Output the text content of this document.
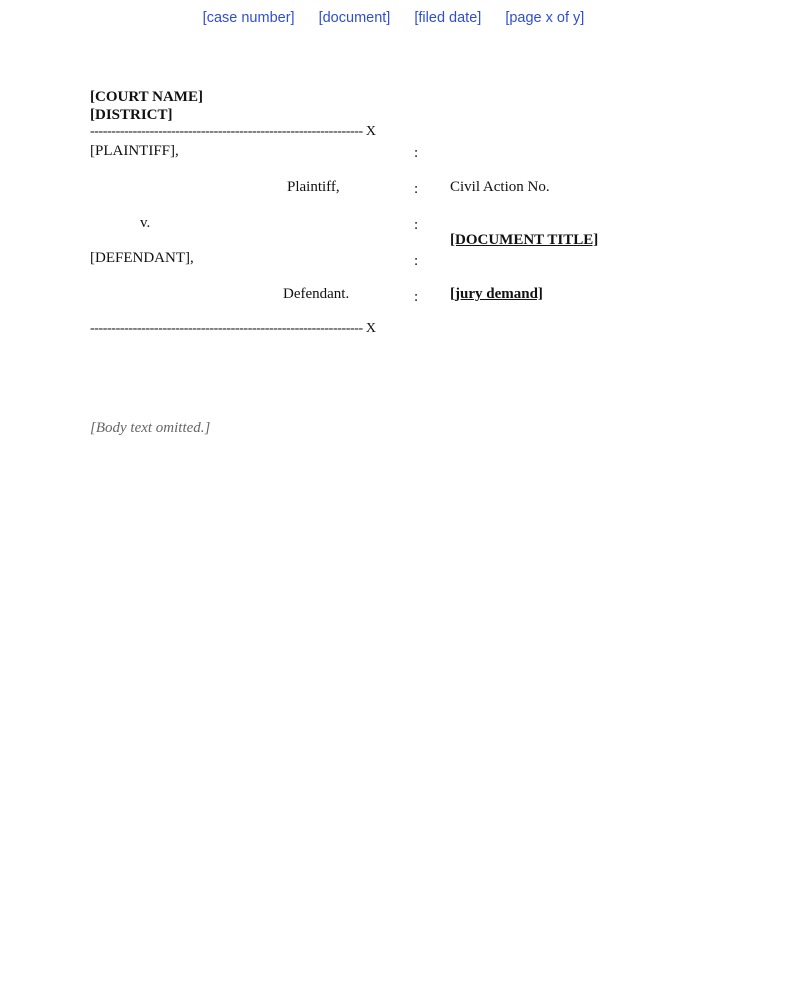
[case number] [document] [filed date] [page x of y]
[COURT NAME]
[DISTRICT]
---------------------------------------------------------------- X
[PLAINTIFF],
Plaintiff,
v.
[DEFENDANT],
Defendant.
---------------------------------------------------------------- X
:
:
:
:
:
Civil Action No.
[DOCUMENT TITLE]
[jury demand]
[Body text omitted.]
